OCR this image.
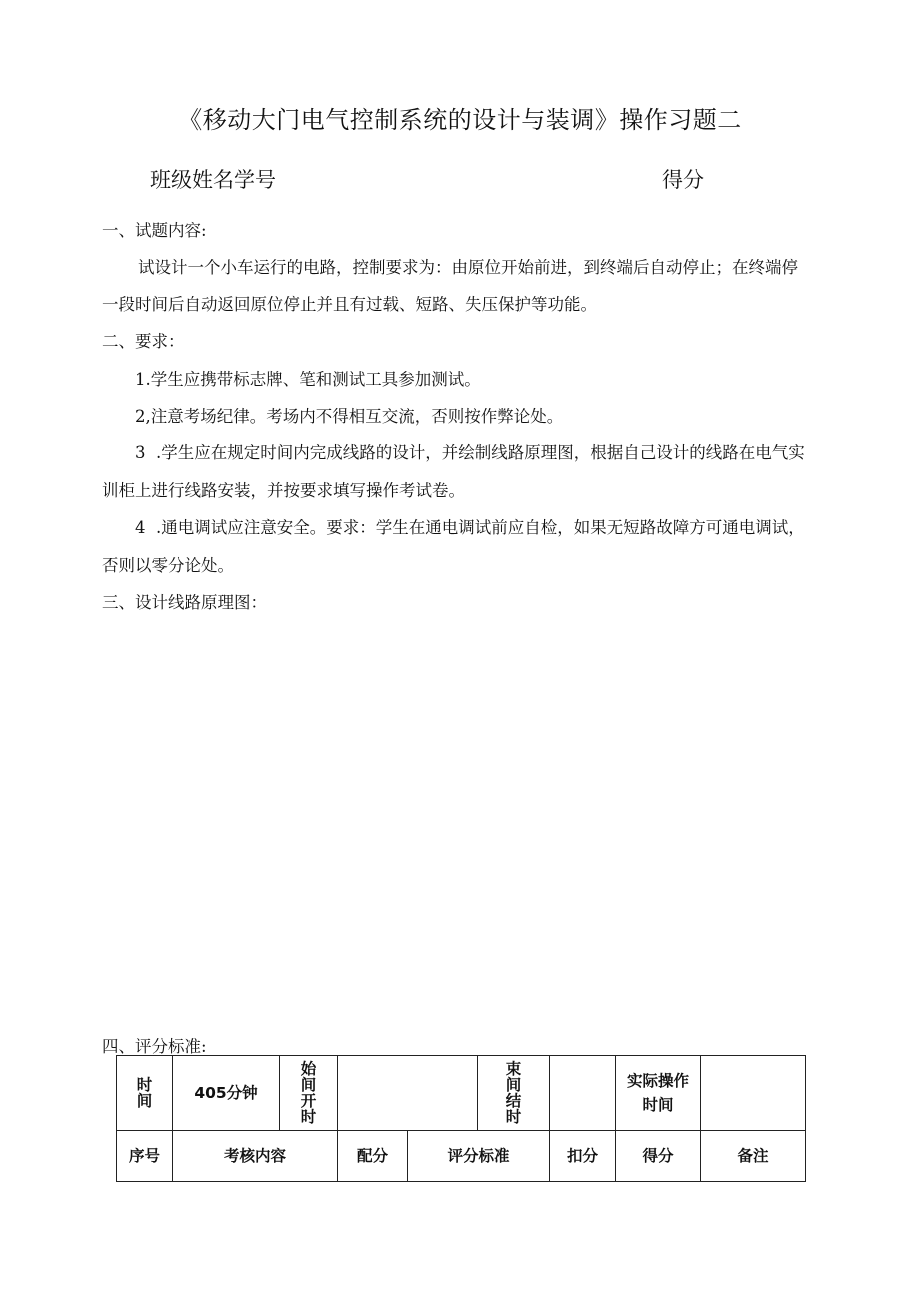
《移动大门电气控制系统的设计与装调》操作习题二
班级姓名学号	得分
一、试题内容:
试设计一个小车运行的电路，控制要求为：由原位开始前进，到终端后自动停止；在终端停
一段时间后自动返回原位停止并且有过载、短路、失压保护等功能。
二、要求：
1.学生应携带标志牌、笔和测试工具参加测试。
2,注意考场纪律。考场内不得相互交流，否则按作弊论处。
3  .学生应在规定时间内完成线路的设计，并绘制线路原理图，根据自己设计的线路在电气实
训柜上进行线路安装，并按要求填写操作考试卷。
4  .通电调试应注意安全。要求：学生在通电调试前应自检，如果无短路故障方可通电调试，
否则以零分论处。
三、设计线路原理图：
四、评分标准:
时间	405分钟	始间开时			束间结时		实际操作时间	
序号	考核内容		配分	评分标准		扣分	得分	备注
